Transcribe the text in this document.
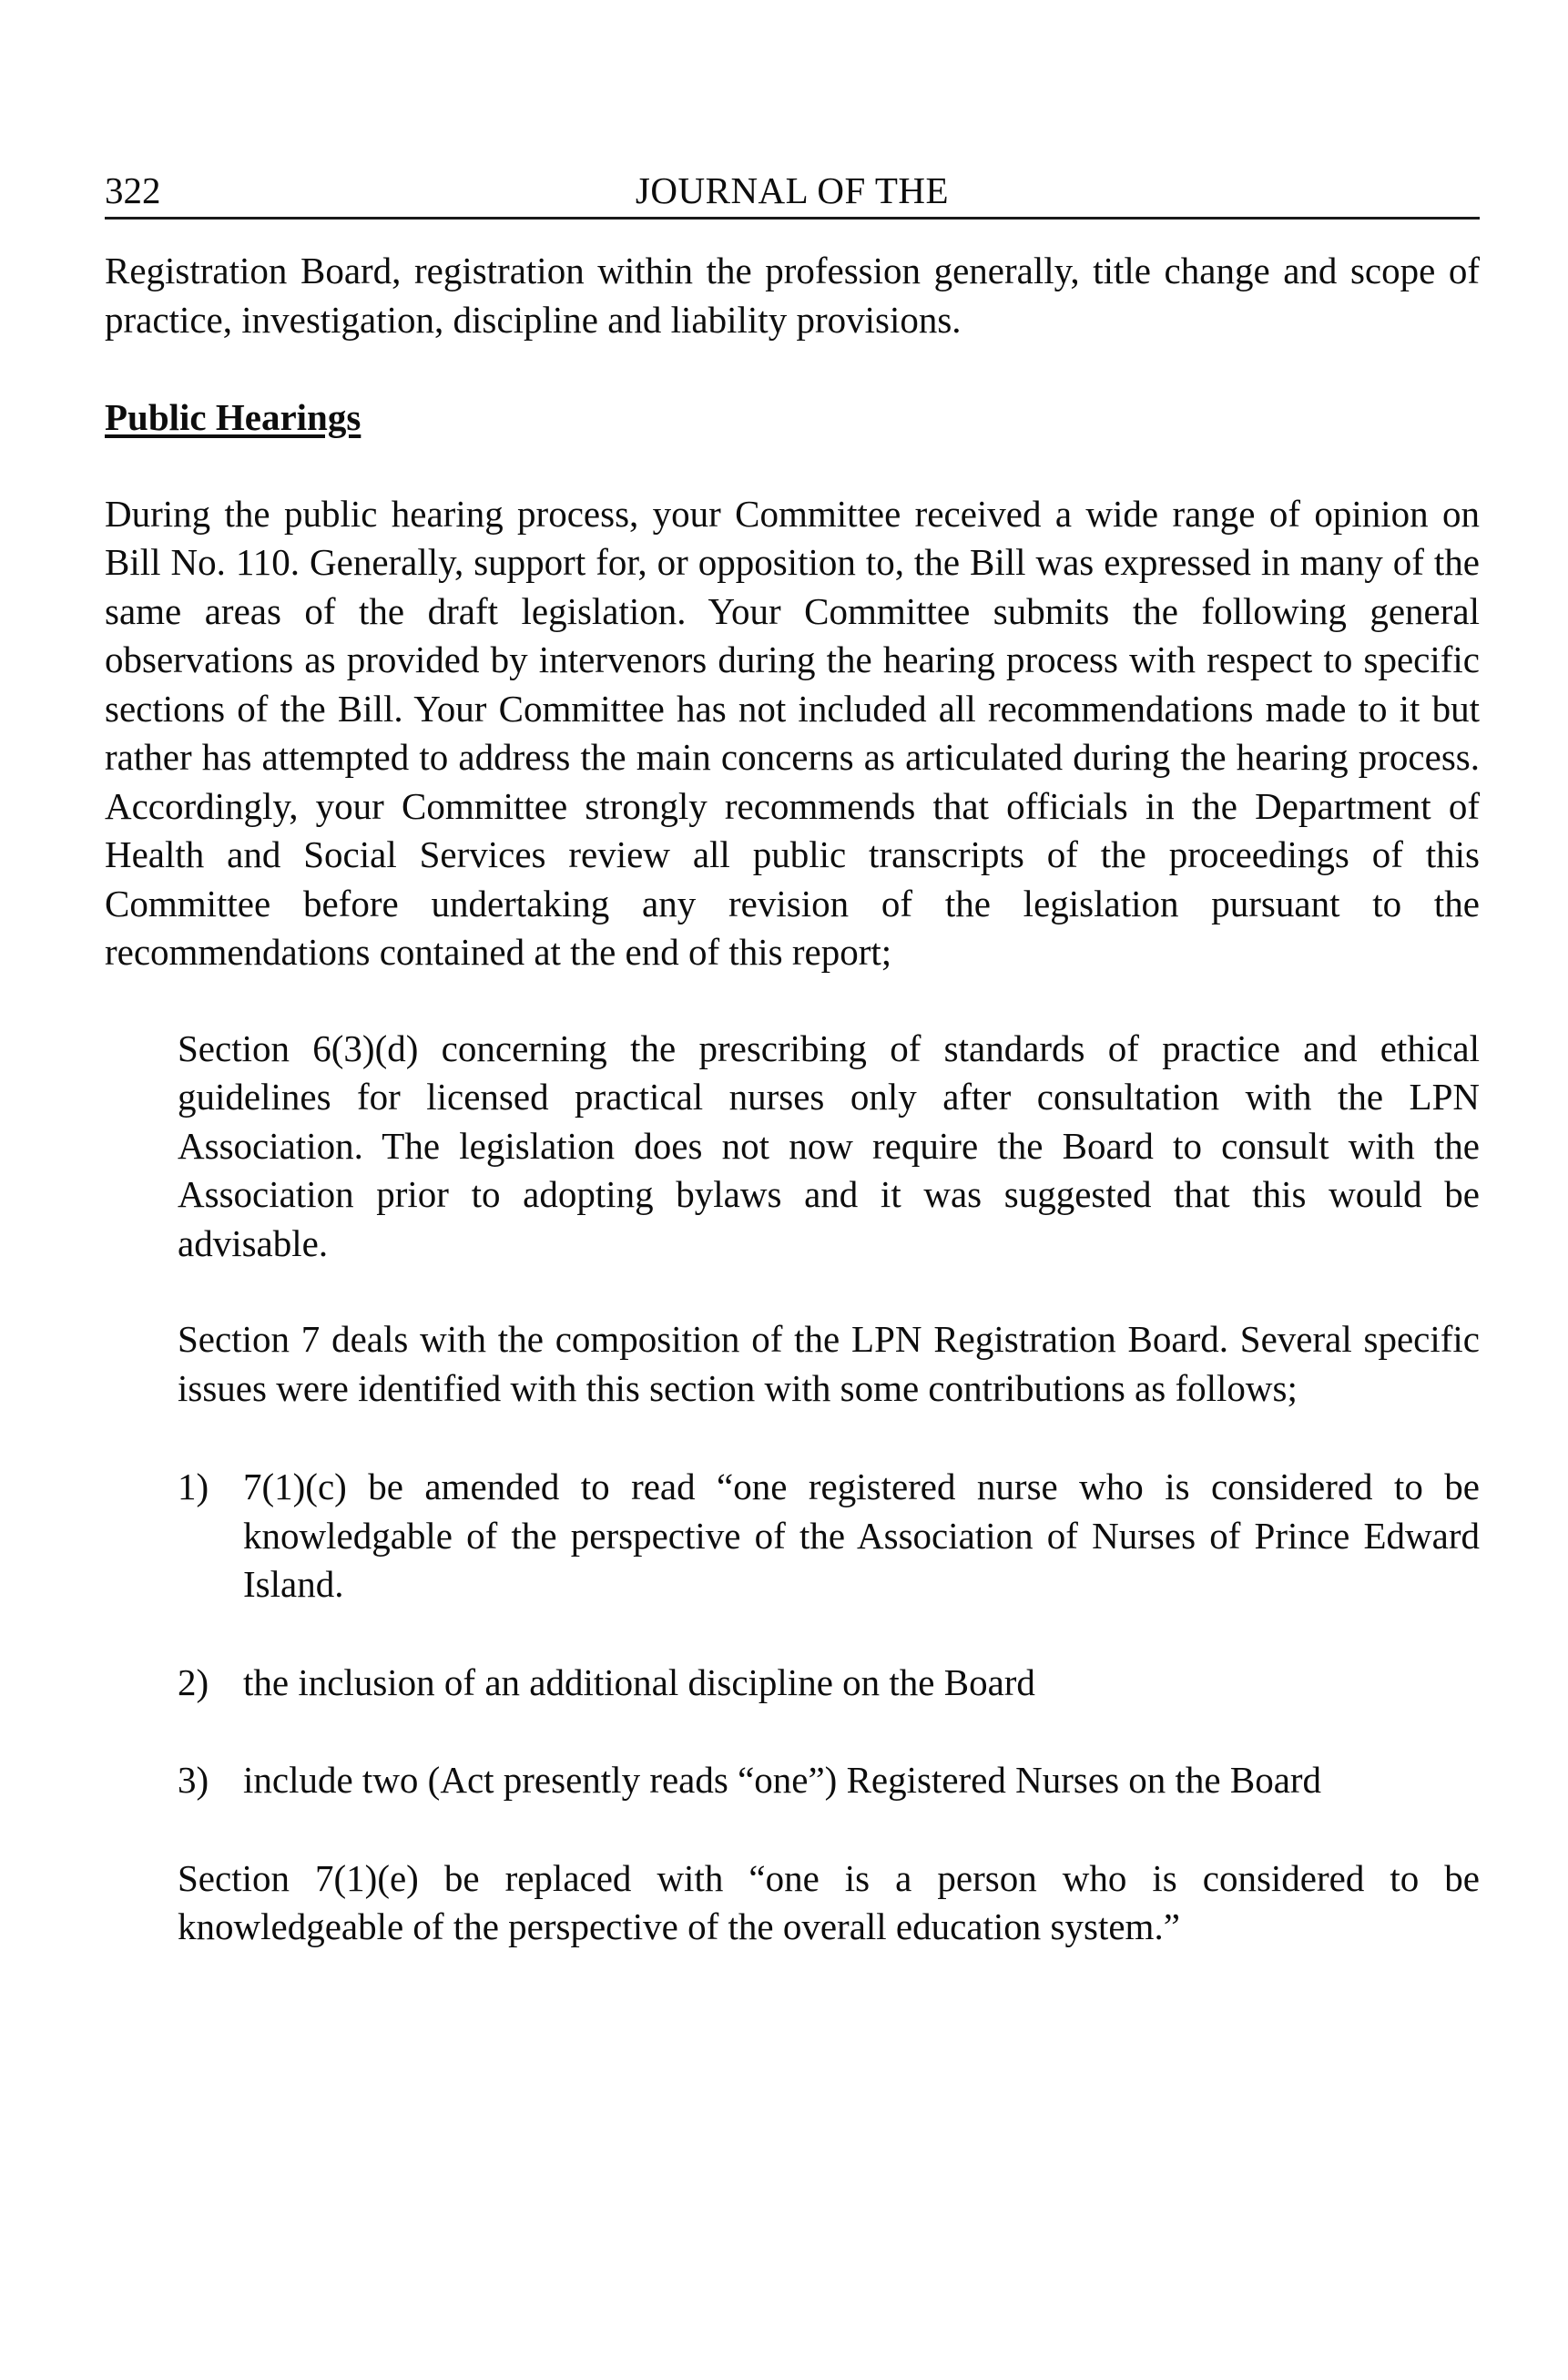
322	JOURNAL OF THE

Registration Board, registration within the profession generally, title change and scope of practice, investigation, discipline and liability provisions.

Public Hearings

During the public hearing process, your Committee received a wide range of opinion on Bill No. 110. Generally, support for, or opposition to, the Bill was expressed in many of the same areas of the draft legislation. Your Committee submits the following general observations as provided by intervenors during the hearing process with respect to specific sections of the Bill. Your Committee has not included all recommendations made to it but rather has attempted to address the main concerns as articulated during the hearing process. Accordingly, your Committee strongly recommends that officials in the Department of Health and Social Services review all public transcripts of the proceedings of this Committee before undertaking any revision of the legislation pursuant to the recommendations contained at the end of this report;

Section 6(3)(d) concerning the prescribing of standards of practice and ethical guidelines for licensed practical nurses only after consultation with the LPN Association. The legislation does not now require the Board to consult with the Association prior to adopting bylaws and it was suggested that this would be advisable.

Section 7 deals with the composition of the LPN Registration Board. Several specific issues were identified with this section with some contributions as follows;

1) 7(1)(c) be amended to read “one registered nurse who is considered to be knowledgable of the perspective of the Association of Nurses of Prince Edward Island.
2) the inclusion of an additional discipline on the Board
3) include two (Act presently reads “one”) Registered Nurses on the Board

Section 7(1)(e) be replaced with “one is a person who is considered to be knowledgeable of the perspective of the overall education system.”
